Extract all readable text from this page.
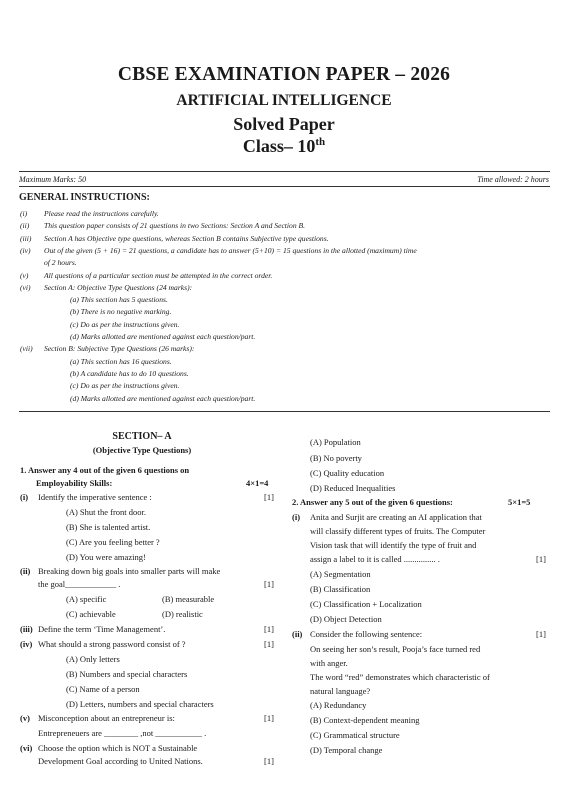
CBSE EXAMINATION PAPER – 2026
ARTIFICIAL INTELLIGENCE
Solved Paper
Class– 10th
Maximum Marks: 50	Time allowed: 2 hours
GENERAL INSTRUCTIONS:
(i) Please read the instructions carefully.
(ii) This question paper consists of 21 questions in two Sections: Section A and Section B.
(iii) Section A has Objective type questions, whereas Section B contains Subjective type questions.
(iv) Out of the given (5 + 16) = 21 questions, a candidate has to answer (5+10) = 15 questions in the allotted (maximum) time
of 2 hours.
(v) All questions of a particular section must be attempted in the correct order.
(vi) Section A: Objective Type Questions (24 marks):
(a) This section has 5 questions.
(b) There is no negative marking.
(c) Do as per the instructions given.
(d) Marks allotted are mentioned against each question/part.
(vii) Section B: Subjective Type Questions (26 marks):
(a) This section has 16 questions.
(b) A candidate has to do 10 questions.
(c) Do as per the instructions given.
(d) Marks allotted are mentioned against each question/part.
SECTION– A
(Objective Type Questions)
1. Answer any 4 out of the given 6 questions on
Employability Skills:	4×1=4
(i) Identify the imperative sentence :	[1]
(A) Shut the front door.
(B) She is talented artist.
(C) Are you feeling better ?
(D) You were amazing!
(ii) Breaking down big goals into smaller parts will make
the goal____________ .	[1]
(A) specific	(B) measurable
(C) achievable	(D) realistic
(iii) Define the term ‘Time Management’.	[1]
(iv) What should a strong password consist of ?	[1]
(A) Only letters
(B) Numbers and special characters
(C) Name of a person
(D) Letters, numbers and special characters
(v) Misconception about an entrepreneur is:	[1]
Entrepreneuers are ________ ,not ___________ .
(vi) Choose the option which is NOT a Sustainable
Development Goal according to United Nations.	[1]
(A) Population
(B) No poverty
(C) Quality education
(D) Reduced Inequalities
2. Answer any 5 out of the given 6 questions:	5×1=5
(i) Anita and Surjit are creating an AI application that
will classify different types of fruits. The Computer
Vision task that will identify the type of fruit and
assign a label to it is called ............... .	[1]
(A) Segmentation
(B) Classification
(C) Classification + Localization
(D) Object Detection
(ii) Consider the following sentence:	[1]
On seeing her son’s result, Pooja’s face turned red
with anger.
The word “red” demonstrates which characteristic of
natural language?
(A) Redundancy
(B) Context-dependent meaning
(C) Grammatical structure
(D) Temporal change
